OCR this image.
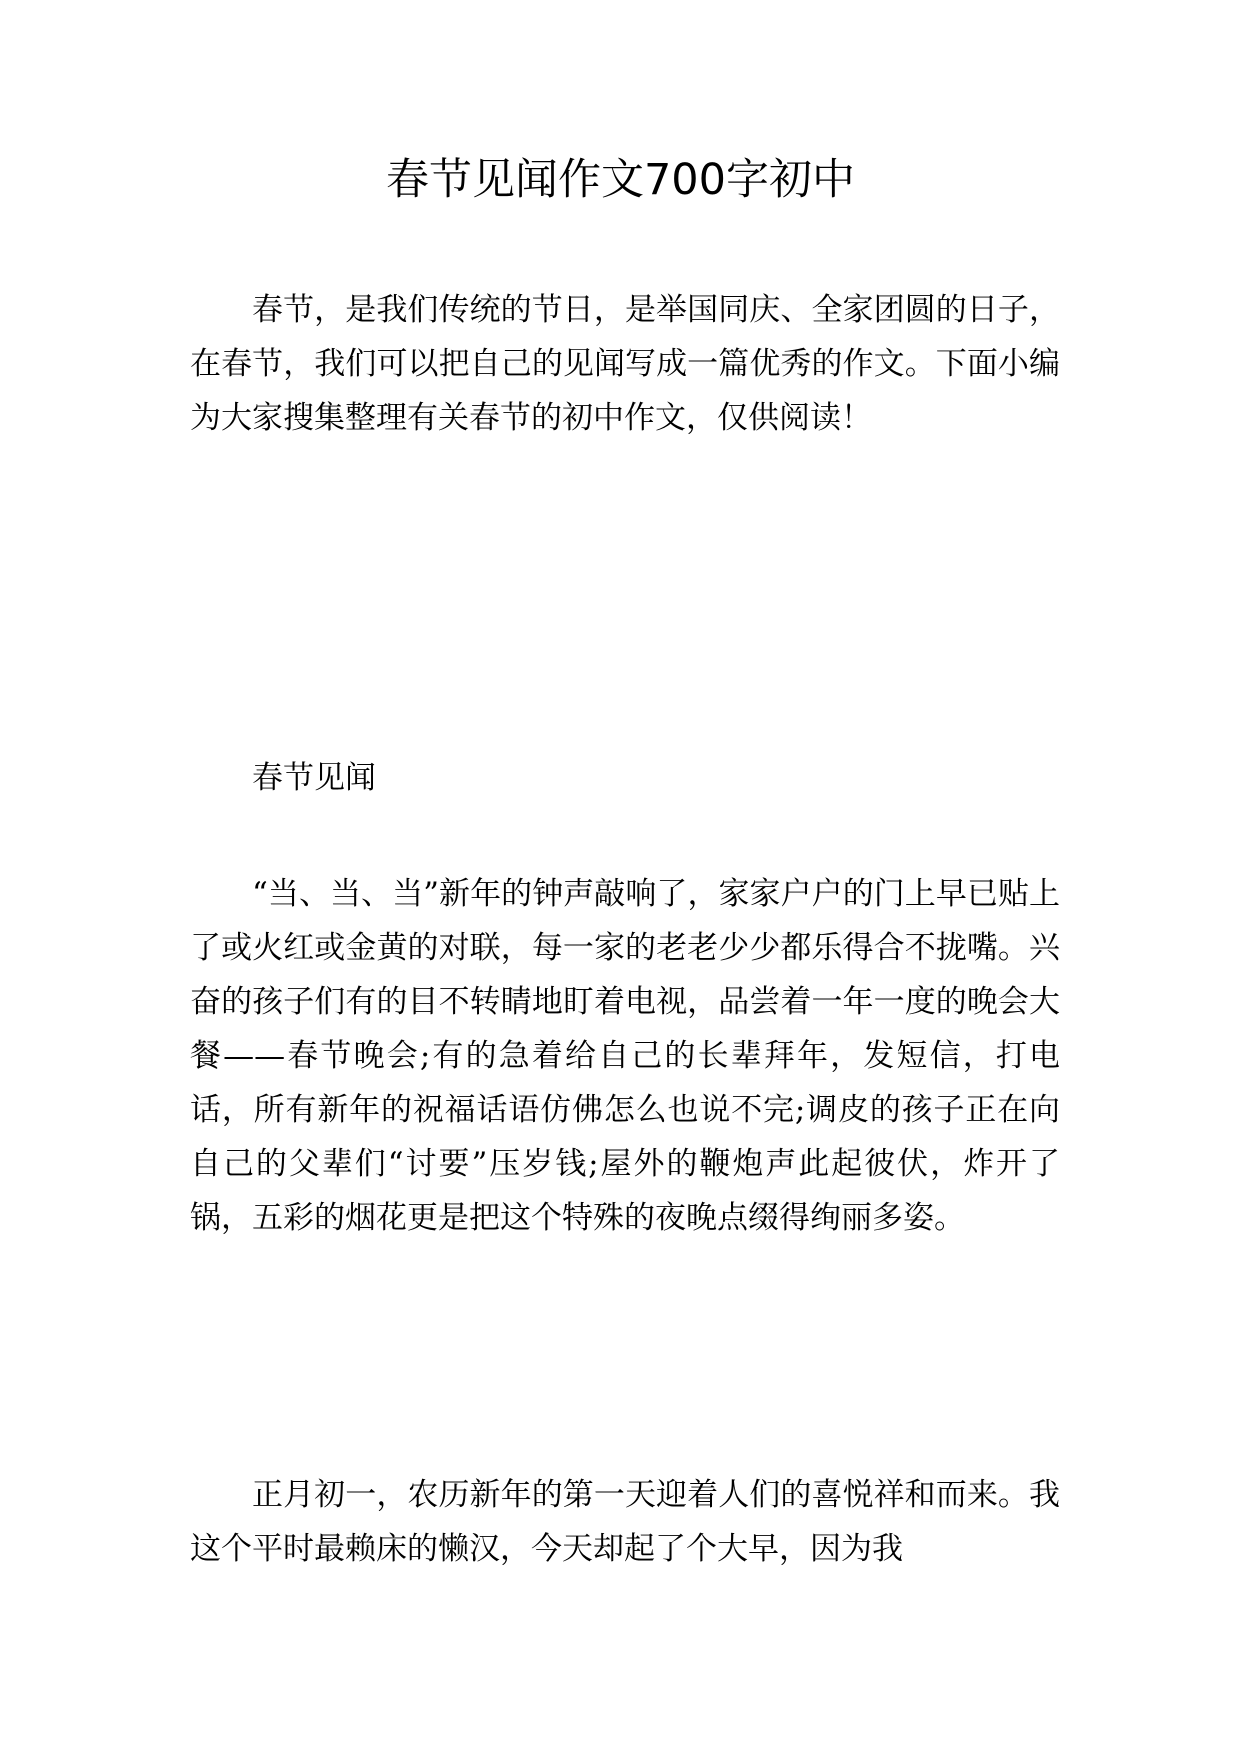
春节见闻作文700字初中

春节，是我们传统的节日，是举国同庆、全家团圆的日子，在春节，我们可以把自己的见闻写成一篇优秀的作文。下面小编为大家搜集整理有关春节的初中作文，仅供阅读！

春节见闻

“当、当、当”新年的钟声敲响了，家家户户的门上早已贴上了或火红或金黄的对联，每一家的老老少少都乐得合不拢嘴。兴奋的孩子们有的目不转睛地盯着电视，品尝着一年一度的晚会大餐——春节晚会;有的急着给自己的长辈拜年，发短信，打电话，所有新年的祝福话语仿佛怎么也说不完;调皮的孩子正在向自己的父辈们“讨要”压岁钱;屋外的鞭炮声此起彼伏，炸开了锅，五彩的烟花更是把这个特殊的夜晚点缀得绚丽多姿。

正月初一，农历新年的第一天迎着人们的喜悦祥和而来。我这个平时最赖床的懒汉，今天却起了个大早，因为我
